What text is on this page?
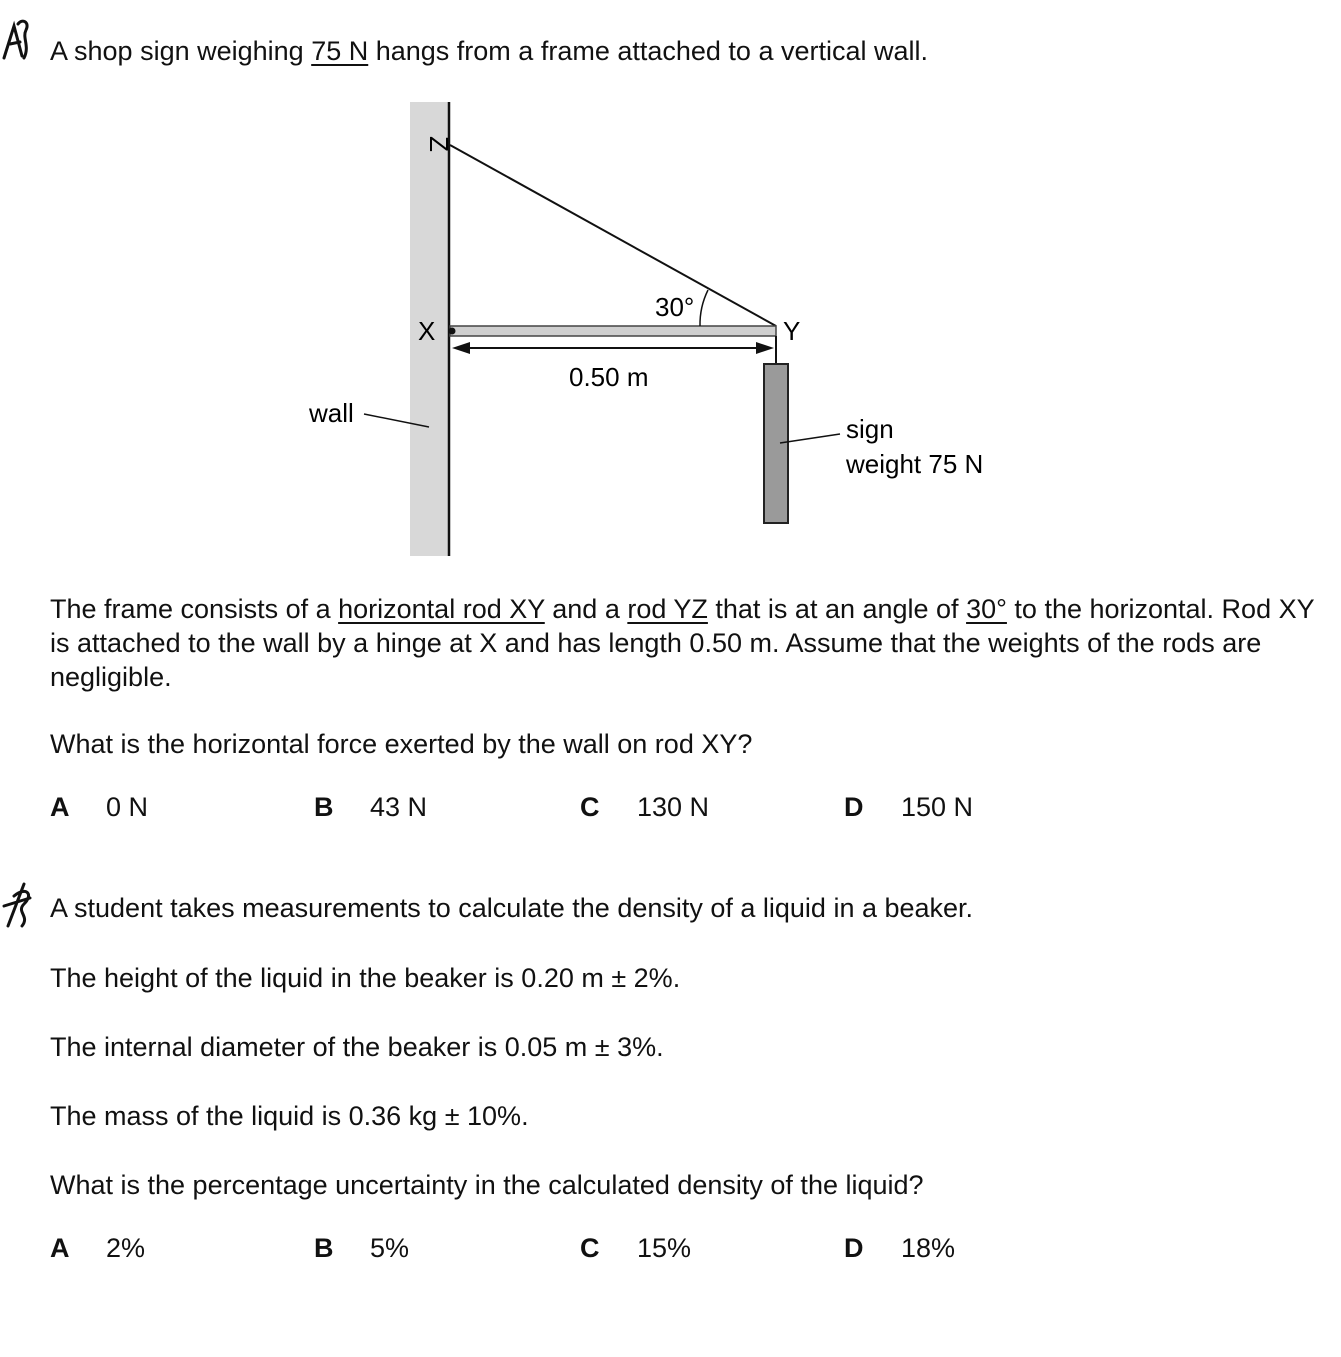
A shop sign weighing 75 N hangs from a frame attached to a vertical wall.
Z
X	Y
30°
0.50 m
wall
sign
weight 75 N
The frame consists of a horizontal rod XY and a rod YZ that is at an angle of 30° to the horizontal. Rod XY is attached to the wall by a hinge at X and has length 0.50 m. Assume that the weights of the rods are negligible.
What is the horizontal force exerted by the wall on rod XY?
A 0 N	B 43 N	C 130 N	D 150 N
A student takes measurements to calculate the density of a liquid in a beaker.
The height of the liquid in the beaker is 0.20 m ± 2%.
The internal diameter of the beaker is 0.05 m ± 3%.
The mass of the liquid is 0.36 kg ± 10%.
What is the percentage uncertainty in the calculated density of the liquid?
A 2%	B 5%	C 15%	D 18%
